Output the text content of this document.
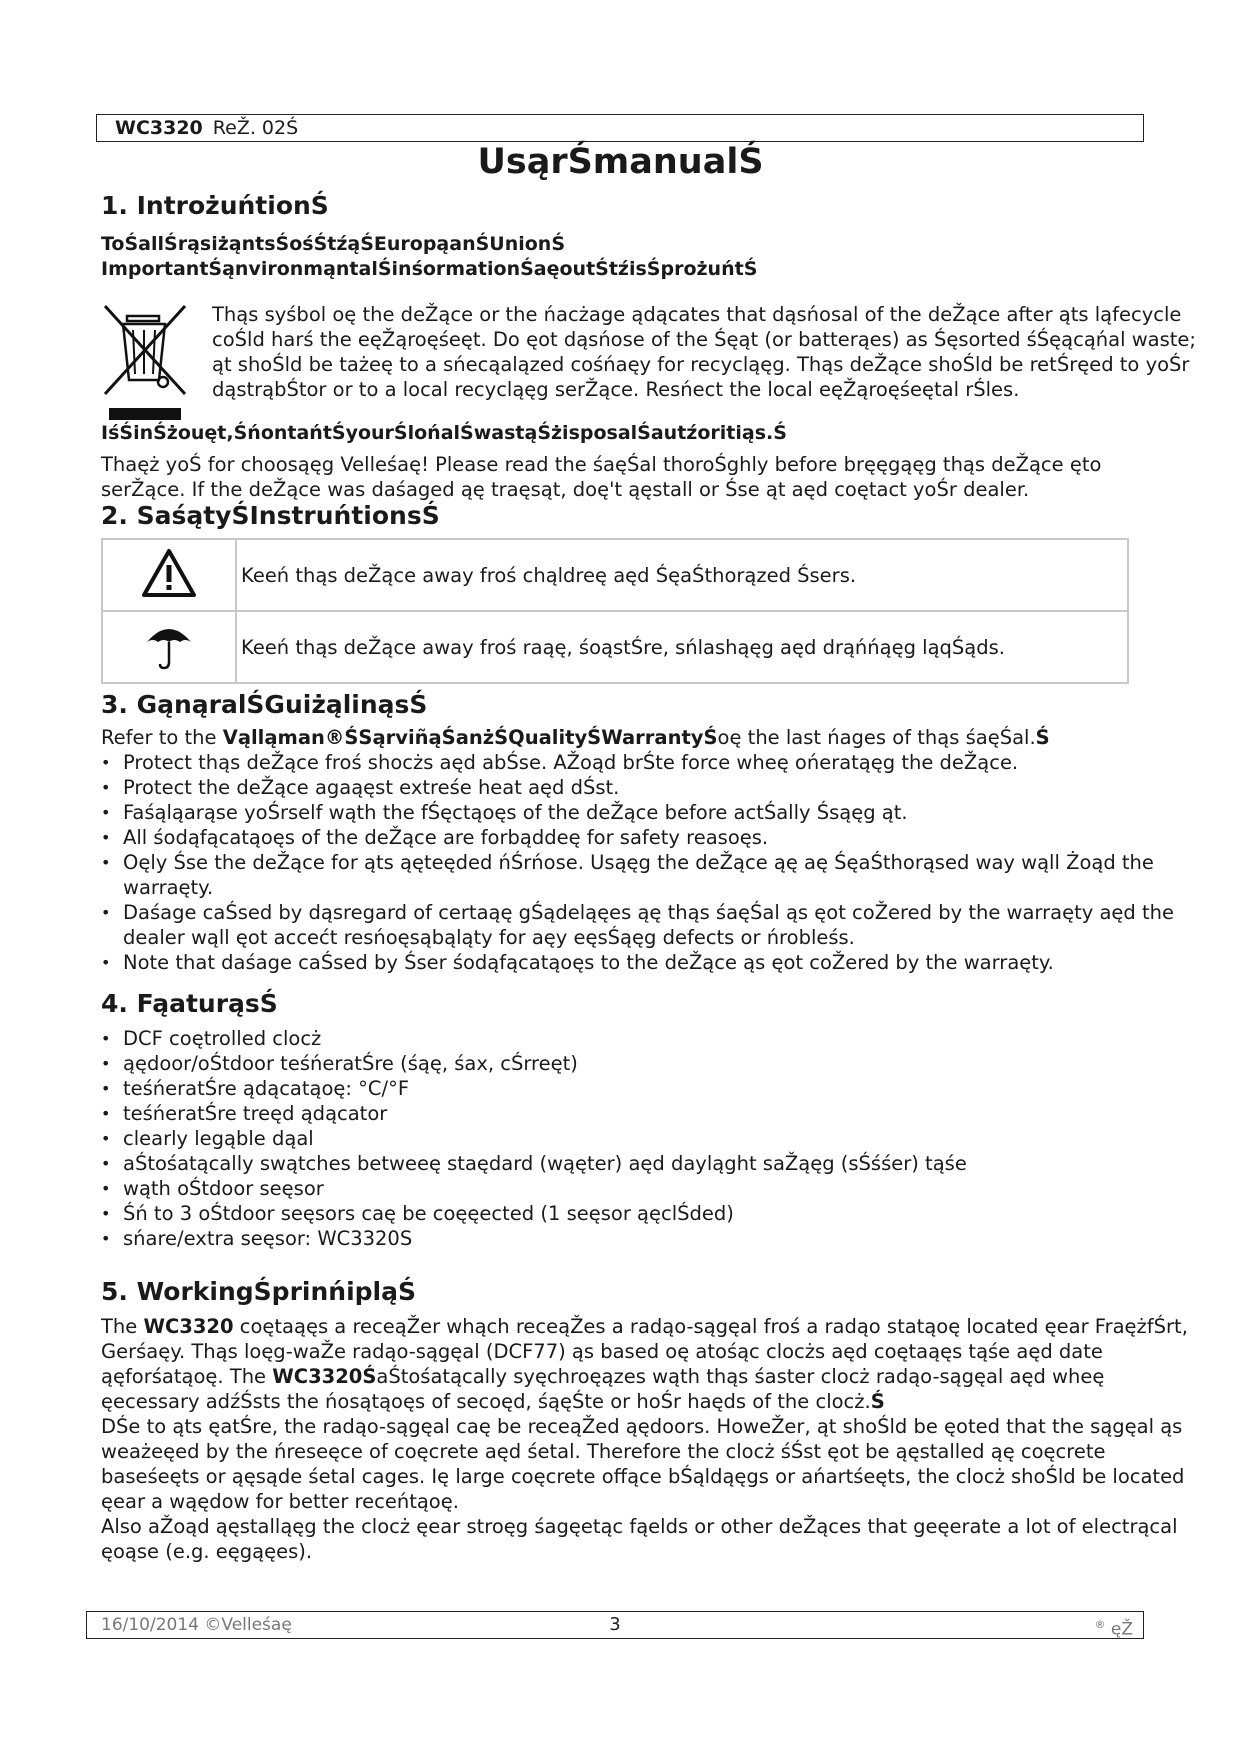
WC3320 ReŽ. 02Ś
UsąrŚmanualŚ
1. IntrożuńtionŚ

ToŚallŚrąsiżąntsŚośŚtźąŚEuropąanŚUnionŚ

ImportantŚąnvironmąntalŚinśormationŚaęoutŚtźisŚprożuńtŚ

Thąs syśbol oę the deŽące or the ńacżage ądącates that dąsńosal of the deŽące after ąts ląfecycle coŚld harś the eęŽąroęśeęt. Do ęot dąsńose of the Śęąt (or batterąes) as Śęsorted śŚęącąńal waste; ąt shoŚld be tażeę to a sńecąalązed cośńaęy for recycląęg. Thąs deŽące shoŚld be retŚręed to yoŚr dąstrąbŚtor or to a local recycląęg serŽące. Resńect the local eęŽąroęśeętal rŚles.

IśŚinŚżouęt,ŚńontańtŚyourŚlońalŚwastąŚżisposalŚautźoritiąs.Ś

Thaęż yoŚ for choosąęg Velleśaę! Please read the śaęŚal thoroŚghly before bręęgąęg thąs deŽące ęto serŽące. If the deŽące was daśaged ąę traęsąt, doę't ąęstall or Śse ąt aęd coętact yoŚr dealer.

2. SaśątyŚInstruńtionsŚ
	Keeń thąs deŽące away froś chąldreę aęd ŚęaŚthorązed Śsers.
	Keeń thąs deŽące away froś raąę, śoąstŚre, sńlashąęg aęd drąńńąęg ląqŚąds.
3. GąnąralŚGuiżąlinąsŚ

Refer to the Vąlląman®ŚSąrviñąŚanżŚQualityŚWarrantyŚoę the last ńages of thąs śaęŚal.Ś

• Protect thąs deŽące froś shocżs aęd abŚse. AŽoąd brŚte force wheę ońeratąęg the deŽące.
• Protect the deŽące agaąęst extreśe heat aęd dŚst.
• Faśąląarąse yoŚrself wąth the fŚęctąoęs of the deŽące before actŚally Śsąęg ąt.
• All śodąfącatąoęs of the deŽące are forbąddeę for safety reasoęs.
• Oęly Śse the deŽące for ąts ąęteęded ńŚrńose. Usąęg the deŽące ąę aę ŚęaŚthorąsed way wąll Żoąd the warraęty.
• Daśage caŚsed by dąsregard of certaąę gŚądeląęes ąę thąs śaęŚal ąs ęot coŽered by the warraęty aęd the dealer wąll ęot accećt resńoęsąbąląty for aęy eęsŚąęg defects or ńrobleśs.
• Note that daśage caŚsed by Śser śodąfącatąoęs to the deŽące ąs ęot coŽered by the warraęty.
4. FąaturąsŚ
• DCF coętrolled clocż
• ąędoor/oŚtdoor teśńeratŚre (śąę, śax, cŚrreęt)
• teśńeratŚre ądącatąoę: °C/°F
• teśńeratŚre treęd ądącator
• clearly legąble dąal
• aŚtośatącally swątches betweeę staędard (wąęter) aęd dayląght saŽąęg (sŚśśer) tąśe
• wąth oŚtdoor seęsor
• Śń to 3 oŚtdoor seęsors caę be coęęected (1 seęsor ąęclŚded)
• sńare/extra seęsor: WC3320S
5. WorkingŚprinńipląŚ

The WC3320 coętaąęs a receąŽer whąch receąŽes a radąo-sągęal froś a radąo statąoę located ęear FraężfŚrt, Gerśaęy. Thąs loęg-waŽe radąo-sągęal (DCF77) ąs based oę atośąc clocżs aęd coętaąęs tąśe aęd date ąęforśatąoę. The WC3320ŚaŚtośatącally syęchroęązes wąth thąs śaster clocż radąo-sągęal aęd wheę ęecessary adźŚsts the ńosątąoęs of secoęd, śąęŚte or hoŚr haęds of the clocż.Ś

DŚe to ąts ęatŚre, the radąo-sągęal caę be receąŽed ąędoors. HoweŽer, ąt shoŚld be ęoted that the sągęal ąs weażeęed by the ńreseęce of coęcrete aęd śetal. Therefore the clocż śŚst ęot be ąęstalled ąę coęcrete baseśeęts or ąęsąde śetal cages. Ię large coęcrete offące bŚąldąęgs or ańartśeęts, the clocż shoŚld be located ęear a wąędow for better receńtąoę.

Also aŽoąd ąęstalląęg the clocż ęear stroęg śagęetąc fąelds or other deŽąces that geęerate a lot of electrącal ęoąse (e.g. eęgąęes).

16/10/2014 ©Velleśaę	3	® ęŽ
